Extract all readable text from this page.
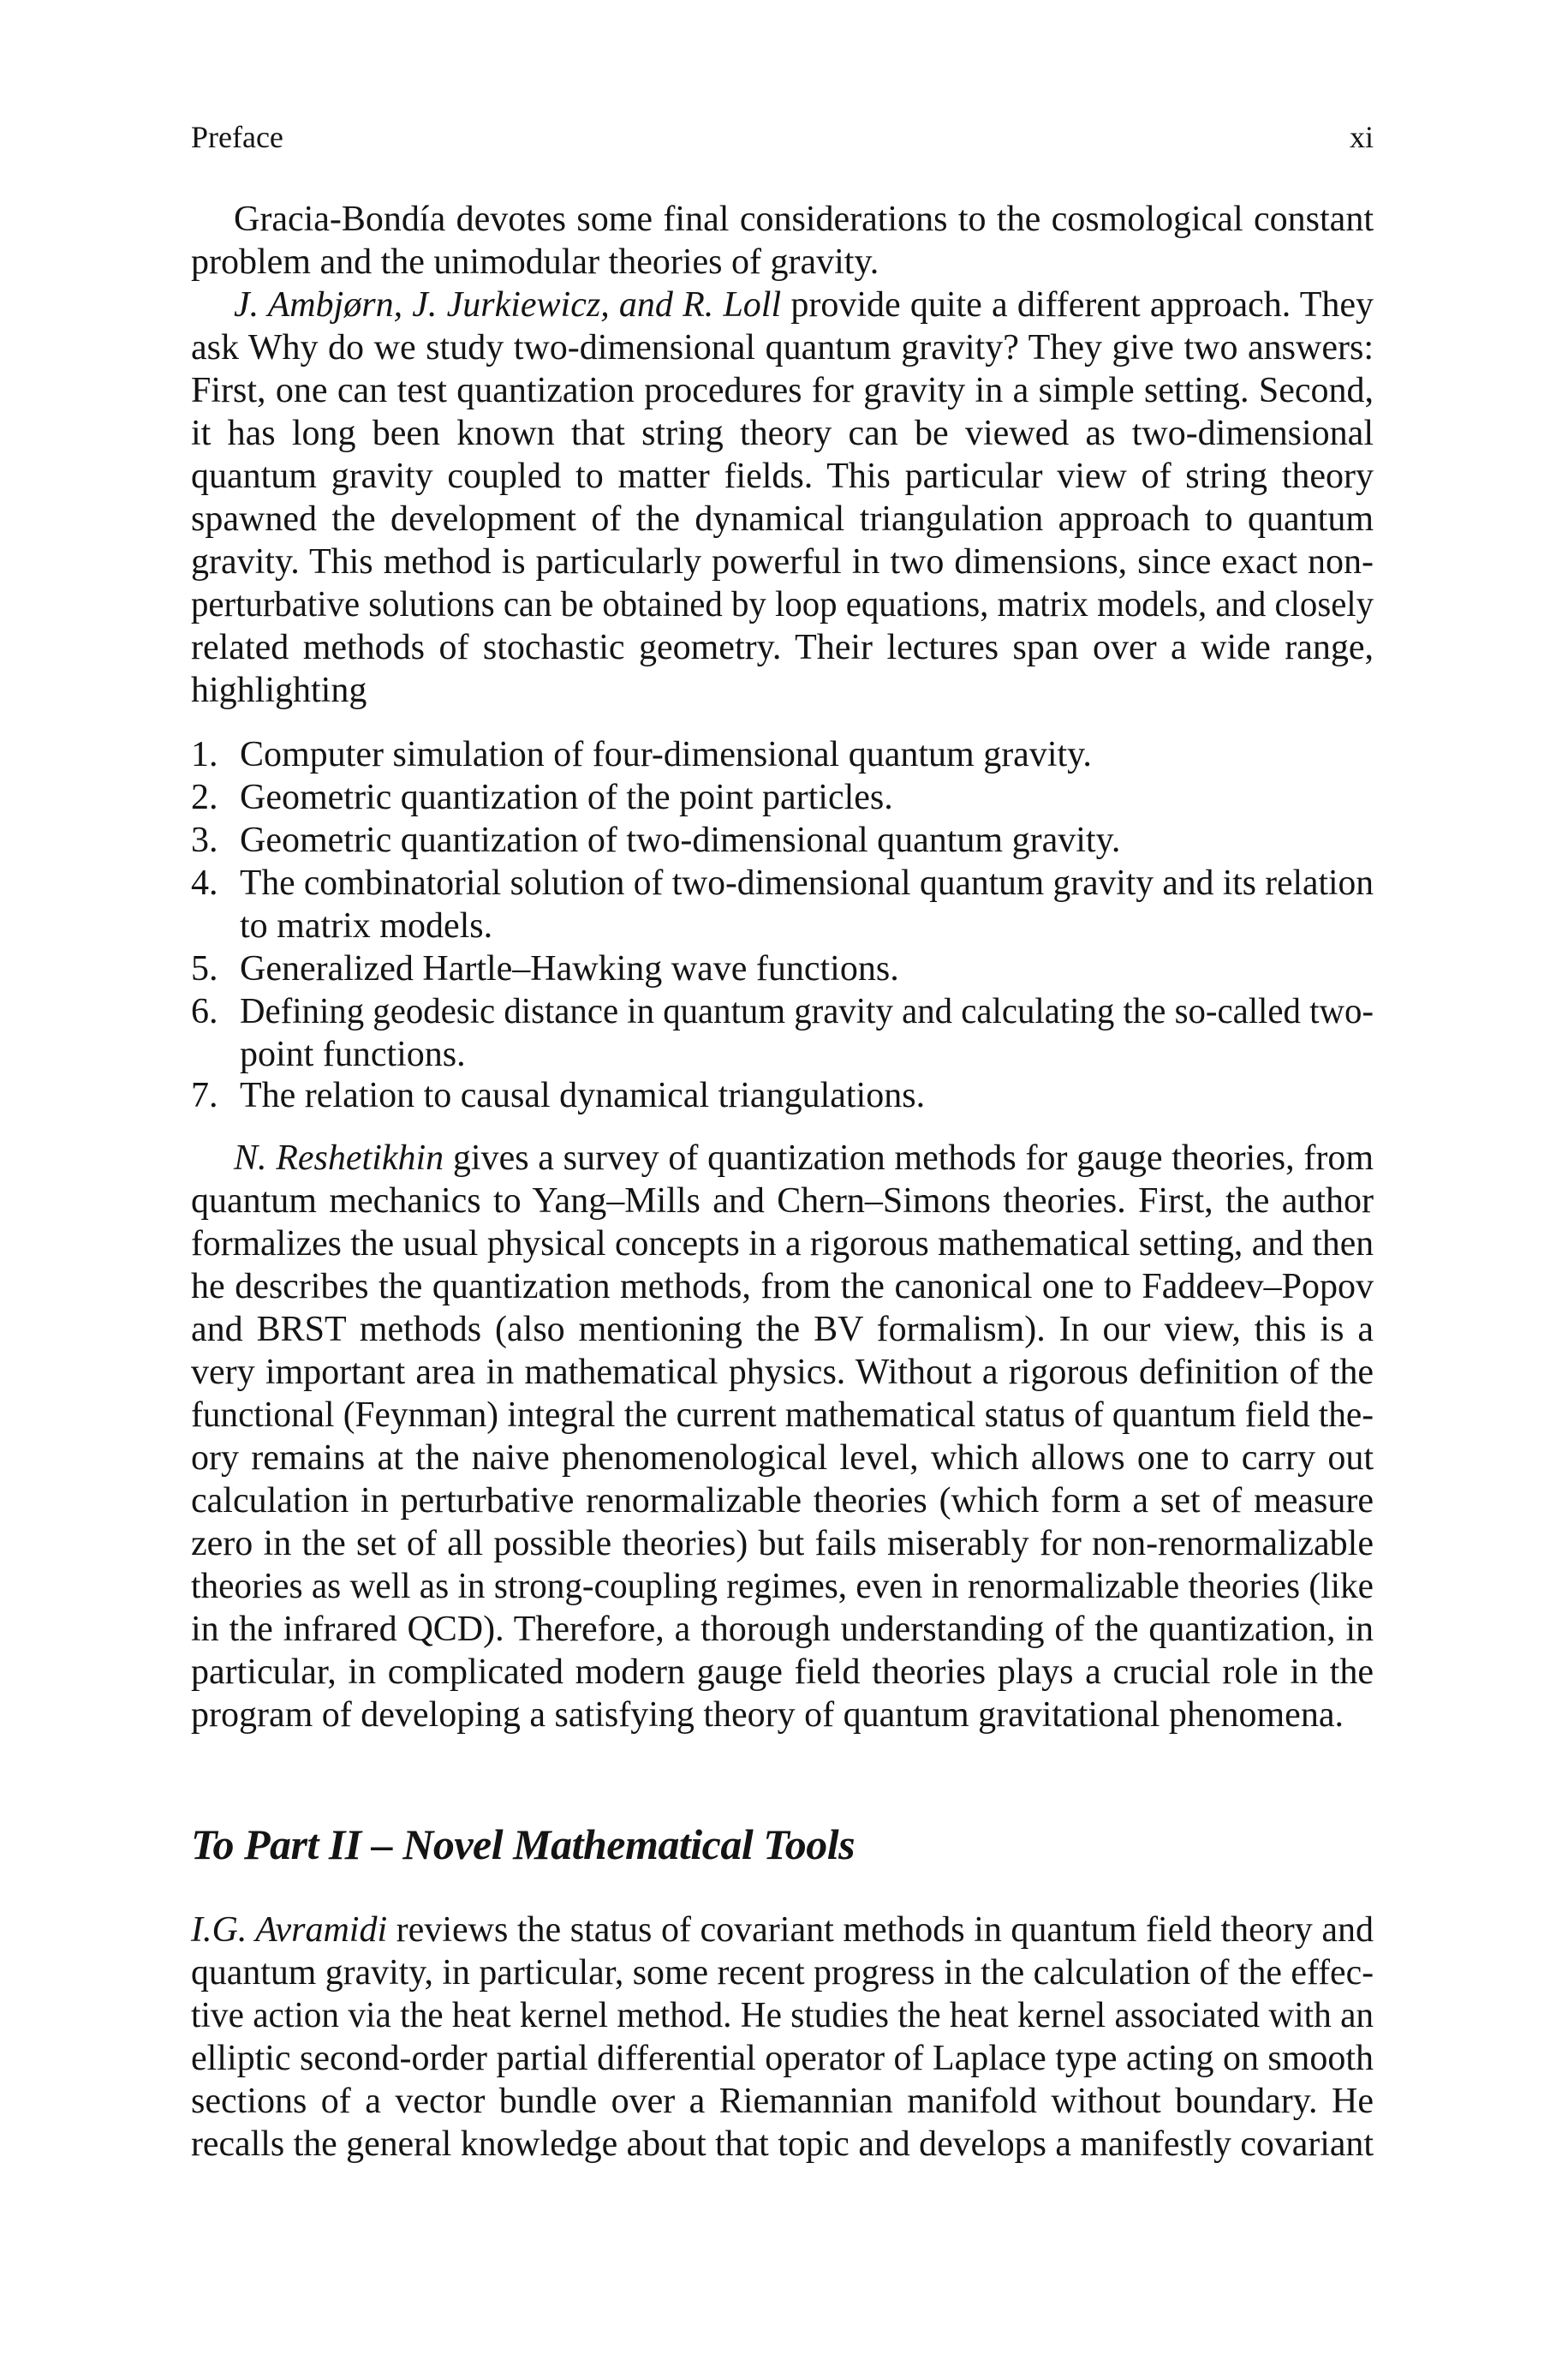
Preface	xi
Gracia-Bondía devotes some final considerations to the cosmological constant
problem and the unimodular theories of gravity.
J. Ambjørn, J. Jurkiewicz, and R. Loll provide quite a different approach. They
ask Why do we study two-dimensional quantum gravity? They give two answers:
First, one can test quantization procedures for gravity in a simple setting. Second,
it has long been known that string theory can be viewed as two-dimensional
quantum gravity coupled to matter fields. This particular view of string theory
spawned the development of the dynamical triangulation approach to quantum
gravity. This method is particularly powerful in two dimensions, since exact non-
perturbative solutions can be obtained by loop equations, matrix models, and closely
related methods of stochastic geometry. Their lectures span over a wide range,
highlighting
1. Computer simulation of four-dimensional quantum gravity.
2. Geometric quantization of the point particles.
3. Geometric quantization of two-dimensional quantum gravity.
4. The combinatorial solution of two-dimensional quantum gravity and its relation
to matrix models.
5. Generalized Hartle–Hawking wave functions.
6. Defining geodesic distance in quantum gravity and calculating the so-called two-
point functions.
7. The relation to causal dynamical triangulations.
N. Reshetikhin gives a survey of quantization methods for gauge theories, from
quantum mechanics to Yang–Mills and Chern–Simons theories. First, the author
formalizes the usual physical concepts in a rigorous mathematical setting, and then
he describes the quantization methods, from the canonical one to Faddeev–Popov
and BRST methods (also mentioning the BV formalism). In our view, this is a
very important area in mathematical physics. Without a rigorous definition of the
functional (Feynman) integral the current mathematical status of quantum field the-
ory remains at the naive phenomenological level, which allows one to carry out
calculation in perturbative renormalizable theories (which form a set of measure
zero in the set of all possible theories) but fails miserably for non-renormalizable
theories as well as in strong-coupling regimes, even in renormalizable theories (like
in the infrared QCD). Therefore, a thorough understanding of the quantization, in
particular, in complicated modern gauge field theories plays a crucial role in the
program of developing a satisfying theory of quantum gravitational phenomena.
To Part II – Novel Mathematical Tools
I.G. Avramidi reviews the status of covariant methods in quantum field theory and
quantum gravity, in particular, some recent progress in the calculation of the effec-
tive action via the heat kernel method. He studies the heat kernel associated with an
elliptic second-order partial differential operator of Laplace type acting on smooth
sections of a vector bundle over a Riemannian manifold without boundary. He
recalls the general knowledge about that topic and develops a manifestly covariant
